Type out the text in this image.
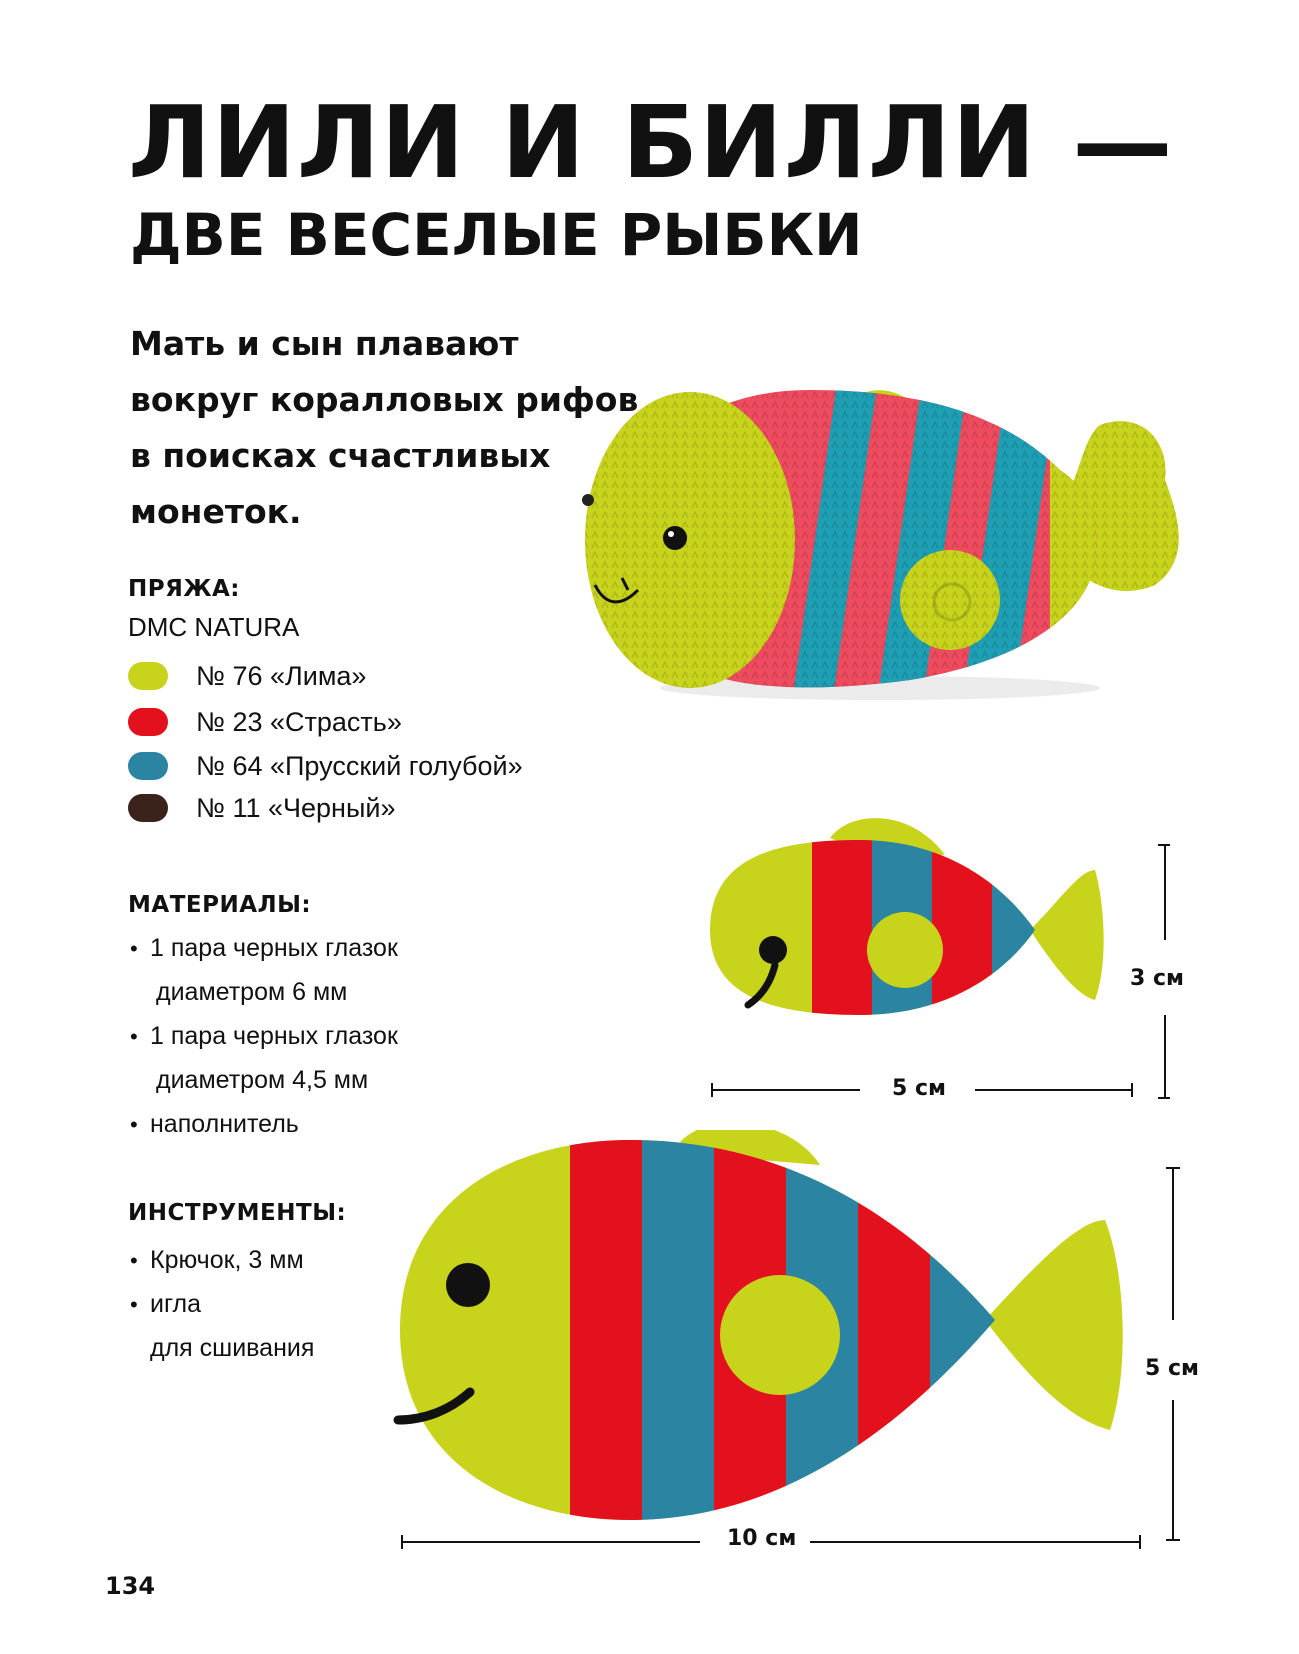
ЛИЛИ И БИЛЛИ —
ДВЕ ВЕСЕЛЫЕ РЫБКИ
Мать и сын плавают
вокруг коралловых рифов
в поисках счастливых
монеток.
ПРЯЖА:
DMC NATURA
№ 76 «Лима»
№ 23 «Страсть»
№ 64 «Прусский голубой»
№ 11 «Черный»
МАТЕРИАЛЫ:
• 1 пара черных глазок
диаметром 6 мм
• 1 пара черных глазок
диаметром 4,5 мм
• наполнитель
ИНСТРУМЕНТЫ:
• Крючок, 3 мм
• игла
для сшивания
5 см
3 см
10 см
5 см
134
